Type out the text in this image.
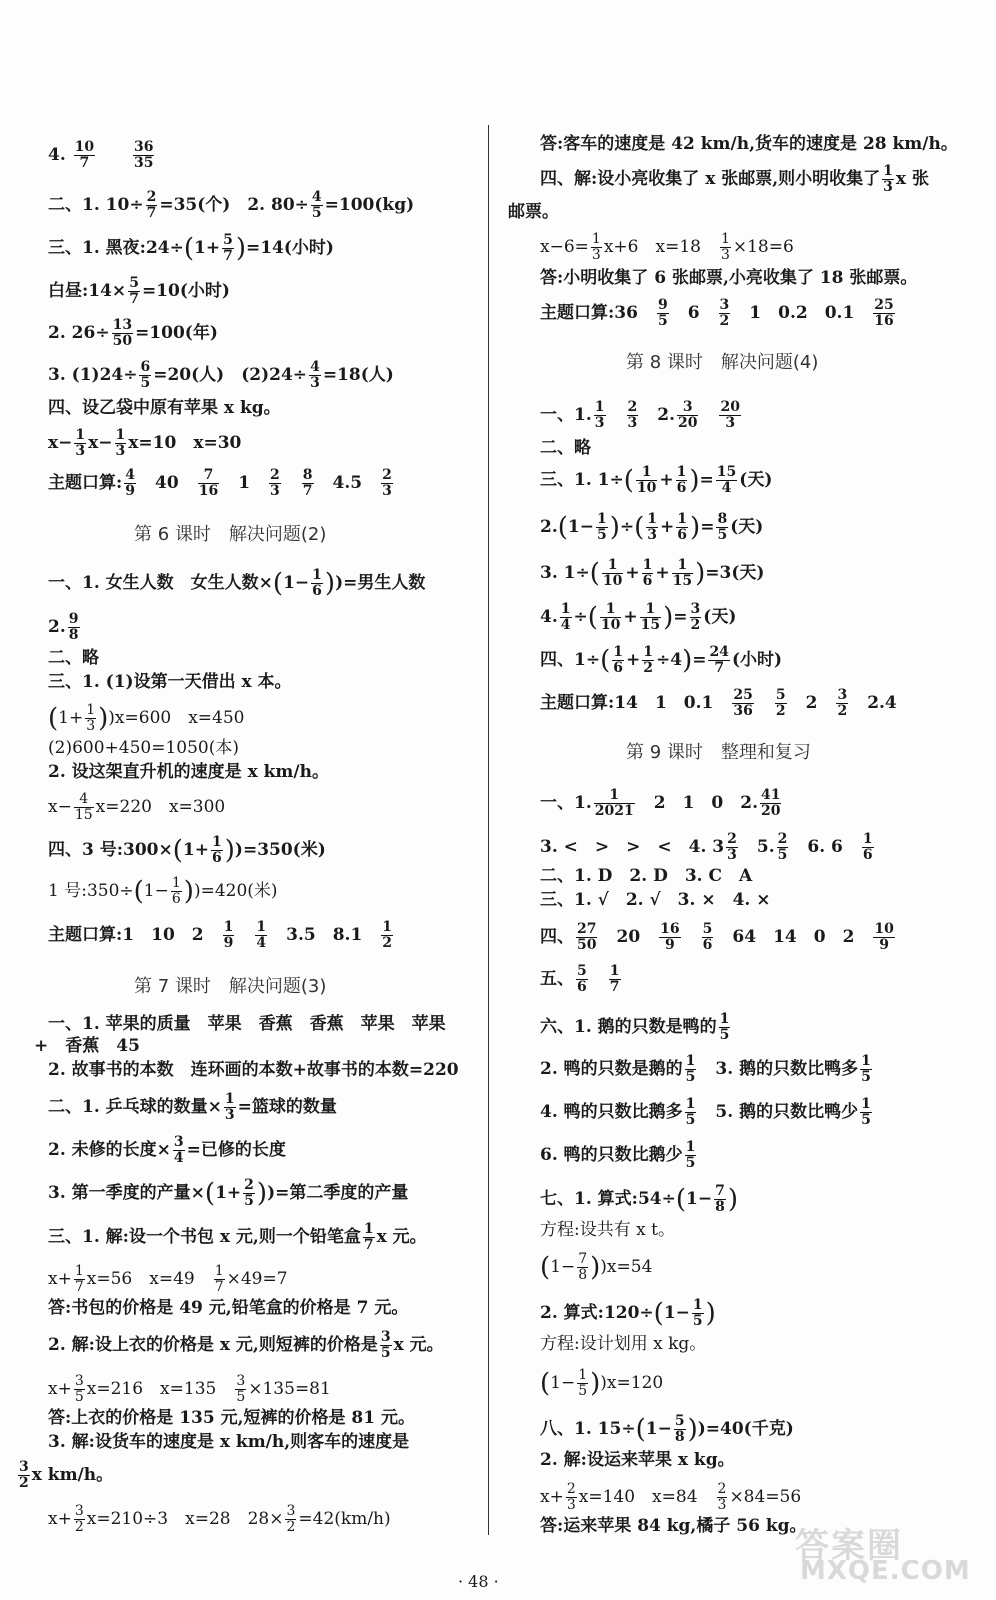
4. $\frac{10}{7}$
	$\frac{36}{35}$
二、1. $10\div \frac{2}{7} =35$(个)　 2. $80\div \frac{4}{5} =100(kg)$
三、1. 黑夜:24÷(1+ $\frac{5}{7} )=14$(小时)
白昼:14× $\frac{5}{7} =10$(小时)
2. $26\div \frac{13}{50} =100$(年)
3. $(1)24\div \frac{6}{5} =20$(人)　 $(2)24\div \frac{4}{3} =18$(人)
四、设乙袋中原有苹果 x kg。
$x- \frac{1}{3} x- \frac{1}{3} x=10$　 x=30
主题口算: $\frac{4}{9}$
　 40　 $\frac{7}{16}$
　 1　 $\frac{2}{3}$
　 $\frac{8}{7}$
　 4.5　 $\frac{2}{3}$
第 6 课时　解决问题(2)
一、1. 女生人数　女生人数$\times(1- \frac{1}{6}$ ))=男生人数
2. $\frac{9}{8}$
二、略
三、1. (1)设第一天借出 x 本。
$(1+ \frac{1}{3} ))x=600$　 x=450
(2)600+450=1050(本)
2. 设这架直升机的速度是 x km/h。
$x- \frac{4}{15} x=220$　 x=300
四、3 号:300×(1+ $\frac{1}{6} ))=350$(米)
1 号:350÷(1− $\frac{1}{6} ))=420$(米)
主题口算:1　 10　 2　 $\frac{1}{9}$
　 $\frac{1}{4}$
　 3.5　 8.1　 $\frac{1}{2}$
第 7 课时　解决问题(3)
一、1. 苹果的质量　苹果　香蕉　香蕉　苹果　苹果
+　香蕉　45
2. 故事书的本数　连环画的本数+故事书的本数=220
二、1. 乒乓球的数量× $\frac{1}{3}$ =篮球的数量
2. 未修的长度× $\frac{3}{4}$ =已修的长度
3. 第一季度的产量$\times(1+ \frac{2}{5}$ ))=第二季度的产量
三、1. 解:设一个书包 x 元,则一个铅笔盒 $\frac{1}{7}$ x 元。
$x+ \frac{1}{7} x=56$　 x=49　 $\frac{1}{7} \times 49=7$
答:书包的价格是 49 元,铅笔盒的价格是 7 元。
2. 解:设上衣的价格是 x 元,则短裤的价格是 $\frac{3}{5}$ x 元。
$x+ \frac{3}{5} x=216$　 x=135　 $\frac{3}{5} \times 135=81$
答:上衣的价格是 135 元,短裤的价格是 81 元。
3. 解:设货车的速度是 x km/h,则客车的速度是
$\frac{3}{2}$ x km/h。
$x+ \frac{3}{2} x=210\div 3$　 x=28　 $28\times \frac{3}{2} =42(km/h)$
答:客车的速度是 42 km/h,货车的速度是 28 km/h。
四、解:设小亮收集了 x 张邮票,则小明收集了 $\frac{1}{3}$ x 张
邮票。
$x-6= \frac{1}{3} x+6$　 x=18　 $\frac{1}{3} \times 18=6$
答:小明收集了 6 张邮票,小亮收集了 18 张邮票。
主题口算:36　 $\frac{9}{5}$
　 6　 $\frac{3}{2}$
　 1　 0.2　 0.1　 $\frac{25}{16}$
第 8 课时　解决问题(4)
一、1. $\frac{1}{3}$
　 $\frac{2}{3}$
　 2. $\frac{3}{20}$
　 $\frac{20}{3}$
二、略
三、1. $1\div( \frac{1}{10} + \frac{1}{6}$ )= $\frac{15}{4}$ (天)
$2.(1- \frac{1}{5}$ )÷( $\frac{1}{3} + \frac{1}{6}$ )= $\frac{8}{5}$ (天)
3. $1\div( \frac{1}{10} + \frac{1}{6} + \frac{1}{15} )=3$(天)
4. $\frac{1}{4}$ ÷( $\frac{1}{10} + \frac{1}{15}$ )= $\frac{3}{2}$ (天)
四、$1\div( \frac{1}{6} + \frac{1}{2} \div 4)= \frac{24}{7}$ (小时)
主题口算:14　 1　 0.1　 $\frac{25}{36}$
　 $\frac{5}{2}$
　 2　 $\frac{3}{2}$
　 2.4
第 9 课时　整理和复习
一、1. $\frac{1}{2021}$
　 2　 1　 0　 2. $\frac{41}{20}$
3. <　>　>　<　4. $3 \frac{2}{3}$
　 5. $\frac{2}{5}$
　 6. 6　 $\frac{1}{6}$
二、1. D　2. D　3. C　A
三、1. √　2. √　3. ×　4. ×
四、 $\frac{27}{50}$
　 20　 $\frac{16}{9}$
　 $\frac{5}{6}$
　 64　 14　 0　 2　 $\frac{10}{9}$
五、 $\frac{5}{6}$
　 $\frac{1}{7}$
六、1. 鹅的只数是鸭的 $\frac{1}{5}$
2. 鸭的只数是鹅的 $\frac{1}{5}$
　 3. 鹅的只数比鸭多 $\frac{1}{5}$
4. 鸭的只数比鹅多 $\frac{1}{5}$
　 5. 鹅的只数比鸭少 $\frac{1}{5}$
6. 鸭的只数比鹅少 $\frac{1}{5}$
七、1. 算式:54÷(1− $\frac{7}{8}$ )
方程:设共有 x t。
$(1- \frac{7}{8} ))x=54$
2. 算式:120÷(1− $\frac{1}{5}$ )
方程:设计划用 x kg。
$(1- \frac{1}{5} ))x=120$
八、1. $15\div(1- \frac{5}{8} ))=40$(千克)
2. 解:设运来苹果 x kg。
$x+ \frac{2}{3} x=140$　 x=84　 $\frac{2}{3} \times 84=56$
答:运来苹果 84 kg,橘子 56 kg。
· 48 ·
答案圈
MXQE.COM
